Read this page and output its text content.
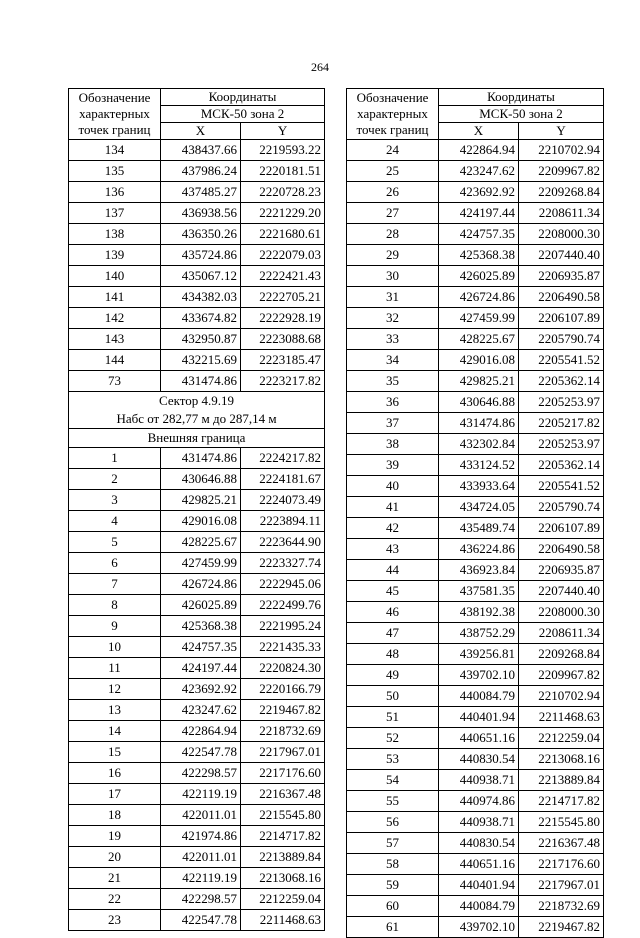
264
Обозначение
характерных
точек границ	Координаты	
	МСК-50 зона 2	
	X	Y
134	438437.66	2219593.22
135	437986.24	2220181.51
136	437485.27	2220728.23
137	436938.56	2221229.20
138	436350.26	2221680.61
139	435724.86	2222079.03
140	435067.12	2222421.43
141	434382.03	2222705.21
142	433674.82	2222928.19
143	432950.87	2223088.68
144	432215.69	2223185.47
73	431474.86	2223217.82

Сектор 4.9.19
Набс от 282,77 м до 287,14 м		

Внешняя граница		
1	431474.86	2224217.82
2	430646.88	2224181.67
3	429825.21	2224073.49
4	429016.08	2223894.11
5	428225.67	2223644.90
6	427459.99	2223327.74
7	426724.86	2222945.06
8	426025.89	2222499.76
9	425368.38	2221995.24
10	424757.35	2221435.33
11	424197.44	2220824.30
12	423692.92	2220166.79
13	423247.62	2219467.82
14	422864.94	2218732.69
15	422547.78	2217967.01
16	422298.57	2217176.60
17	422119.19	2216367.48
18	422011.01	2215545.80
19	421974.86	2214717.82
20	422011.01	2213889.84
21	422119.19	2213068.16
22	422298.57	2212259.04
23	422547.78	2211468.63
Обозначение
характерных
точек границ	Координаты	
	МСК-50 зона 2	
	X	Y
24	422864.94	2210702.94
25	423247.62	2209967.82
26	423692.92	2209268.84
27	424197.44	2208611.34
28	424757.35	2208000.30
29	425368.38	2207440.40
30	426025.89	2206935.87
31	426724.86	2206490.58
32	427459.99	2206107.89
33	428225.67	2205790.74
34	429016.08	2205541.52
35	429825.21	2205362.14
36	430646.88	2205253.97
37	431474.86	2205217.82
38	432302.84	2205253.97
39	433124.52	2205362.14
40	433933.64	2205541.52
41	434724.05	2205790.74
42	435489.74	2206107.89
43	436224.86	2206490.58
44	436923.84	2206935.87
45	437581.35	2207440.40
46	438192.38	2208000.30
47	438752.29	2208611.34
48	439256.81	2209268.84
49	439702.10	2209967.82
50	440084.79	2210702.94
51	440401.94	2211468.63
52	440651.16	2212259.04
53	440830.54	2213068.16
54	440938.71	2213889.84
55	440974.86	2214717.82
56	440938.71	2215545.80
57	440830.54	2216367.48
58	440651.16	2217176.60
59	440401.94	2217967.01
60	440084.79	2218732.69
61	439702.10	2219467.82
